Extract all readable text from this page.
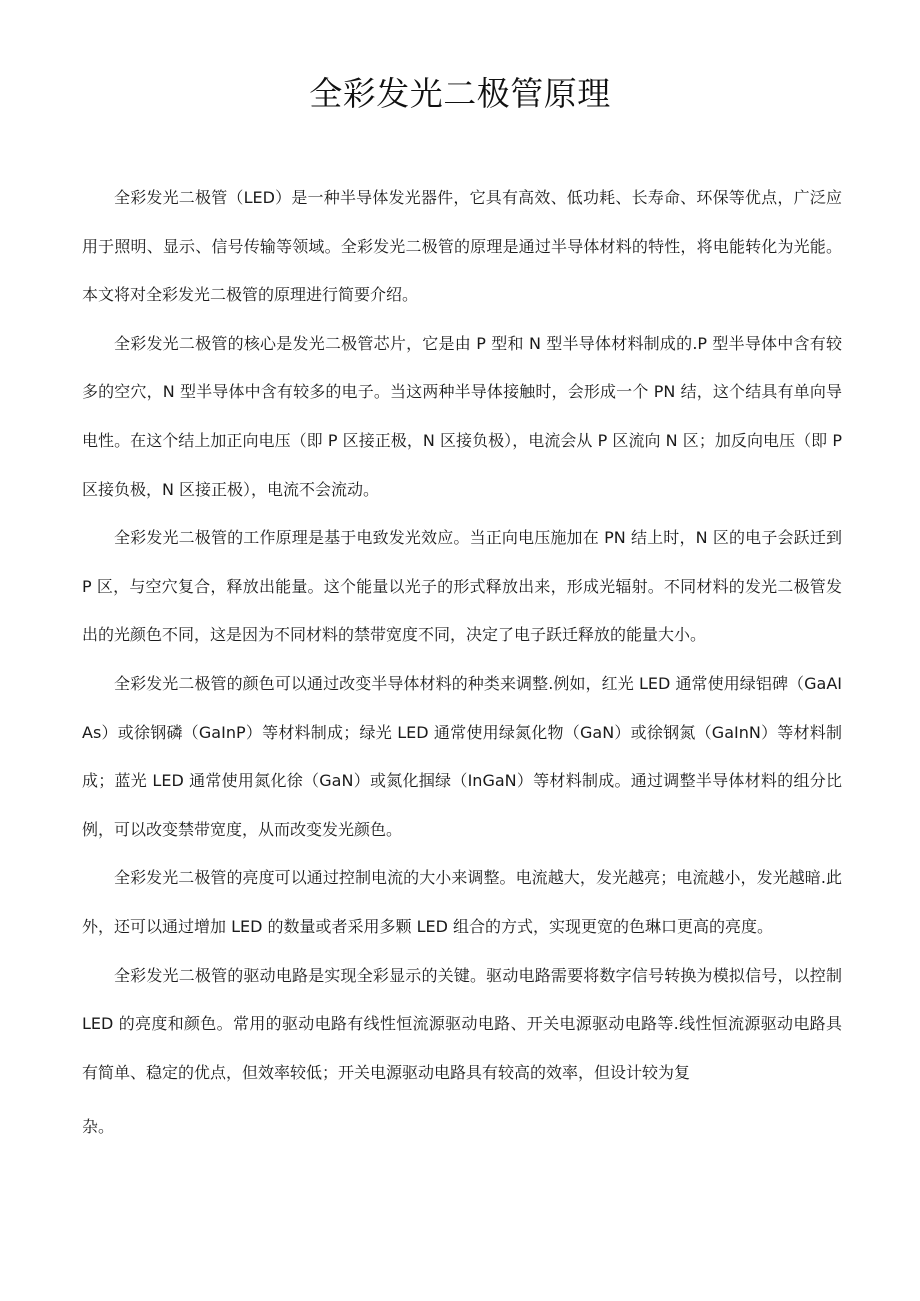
全彩发光二极管原理

全彩发光二极管（LED）是一种半导体发光器件，它具有高效、低功耗、长寿命、环保等优点，广泛应用于照明、显示、信号传输等领域。全彩发光二极管的原理是通过半导体材料的特性，将电能转化为光能。本文将对全彩发光二极管的原理进行简要介绍。

全彩发光二极管的核心是发光二极管芯片，它是由 P 型和 N 型半导体材料制成的.P 型半导体中含有较多的空穴，N 型半导体中含有较多的电子。当这两种半导体接触时，会形成一个 PN 结，这个结具有单向导电性。在这个结上加正向电压（即 P 区接正极，N 区接负极），电流会从 P 区流向 N 区；加反向电压（即 P 区接负极，N 区接正极），电流不会流动。

全彩发光二极管的工作原理是基于电致发光效应。当正向电压施加在 PN 结上时，N 区的电子会跃迁到 P 区，与空穴复合，释放出能量。这个能量以光子的形式释放出来，形成光辐射。不同材料的发光二极管发出的光颜色不同，这是因为不同材料的禁带宽度不同，决定了电子跃迁释放的能量大小。

全彩发光二极管的颜色可以通过改变半导体材料的种类来调整.例如，红光 LED 通常使用绿铝碑（GaAIAs）或徐钢磷（GaInP）等材料制成；绿光 LED 通常使用绿氮化物（GaN）或徐钢氮（GaInN）等材料制成；蓝光 LED 通常使用氮化徐（GaN）或氮化掴绿（InGaN）等材料制成。通过调整半导体材料的组分比例，可以改变禁带宽度，从而改变发光颜色。

全彩发光二极管的亮度可以通过控制电流的大小来调整。电流越大，发光越亮；电流越小，发光越暗.此外，还可以通过增加 LED 的数量或者采用多颗 LED 组合的方式，实现更宽的色琳口更高的亮度。

全彩发光二极管的驱动电路是实现全彩显示的关键。驱动电路需要将数字信号转换为模拟信号，以控制 LED 的亮度和颜色。常用的驱动电路有线性恒流源驱动电路、开关电源驱动电路等.线性恒流源驱动电路具有简单、稳定的优点，但效率较低；开关电源驱动电路具有较高的效率，但设计较为复

杂。
